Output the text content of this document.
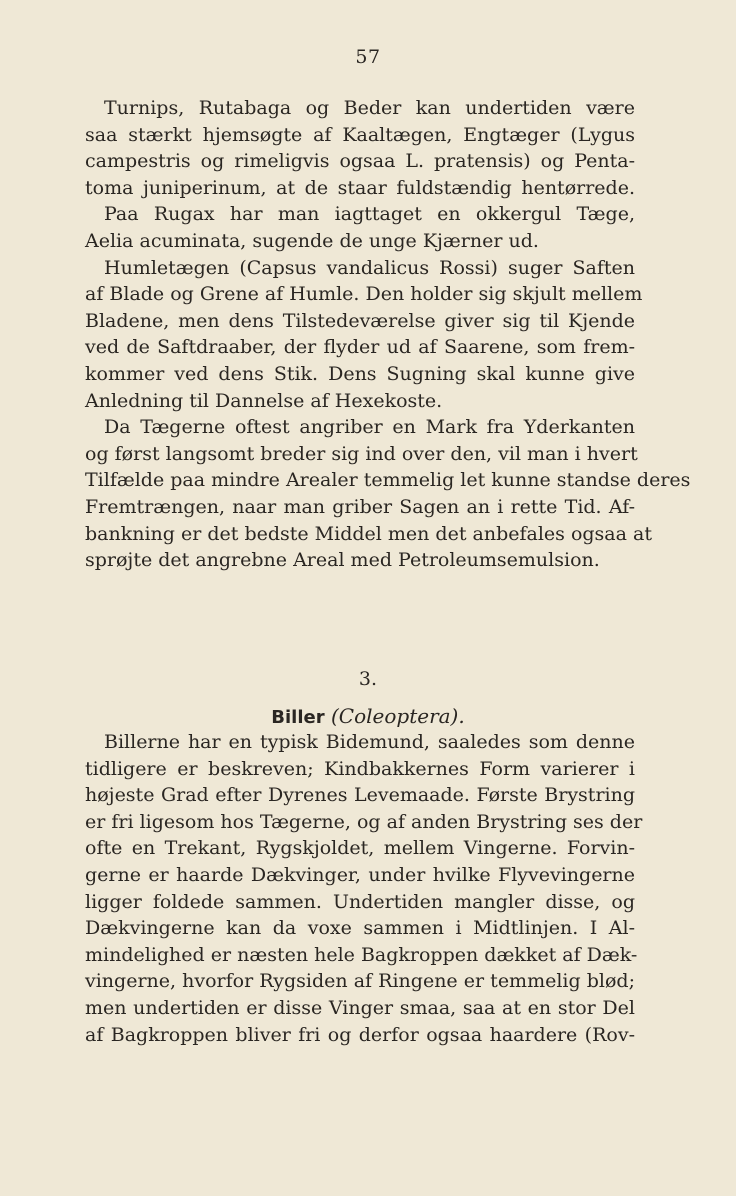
57
Turnips, Rutabaga og Beder kan undertiden være
saa stærkt hjemsøgte af Kaaltægen, Engtæger (Lygus
campestris og rimeligvis ogsaa L. pratensis) og Penta-
toma juniperinum, at de staar fuldstændig hentørrede.
Paa Rugax har man iagttaget en okkergul Tæge,
Aelia acuminata, sugende de unge Kjærner ud.
Humletægen (Capsus vandalicus Rossi) suger Saften
af Blade og Grene af Humle. Den holder sig skjult mellem
Bladene, men dens Tilstedeværelse giver sig til Kjende
ved de Saftdraaber, der flyder ud af Saarene, som frem-
kommer ved dens Stik. Dens Sugning skal kunne give
Anledning til Dannelse af Hexekoste.
Da Tægerne oftest angriber en Mark fra Yderkanten
og først langsomt breder sig ind over den, vil man i hvert
Tilfælde paa mindre Arealer temmelig let kunne standse deres
Fremtrængen, naar man griber Sagen an i rette Tid. Af-
bankning er det bedste Middel men det anbefales ogsaa at
sprøjte det angrebne Areal med Petroleumsemulsion.
3.
Biller (Coleoptera).
Billerne har en typisk Bidemund, saaledes som denne
tidligere er beskreven; Kindbakkernes Form varierer i
højeste Grad efter Dyrenes Levemaade. Første Brystring
er fri ligesom hos Tægerne, og af anden Brystring ses der
ofte en Trekant, Rygskjoldet, mellem Vingerne. Forvin-
gerne er haarde Dækvinger, under hvilke Flyvevingerne
ligger foldede sammen. Undertiden mangler disse, og
Dækvingerne kan da voxe sammen i Midtlinjen. I Al-
mindelighed er næsten hele Bagkroppen dækket af Dæk-
vingerne, hvorfor Rygsiden af Ringene er temmelig blød;
men undertiden er disse Vinger smaa, saa at en stor Del
af Bagkroppen bliver fri og derfor ogsaa haardere (Rov-
